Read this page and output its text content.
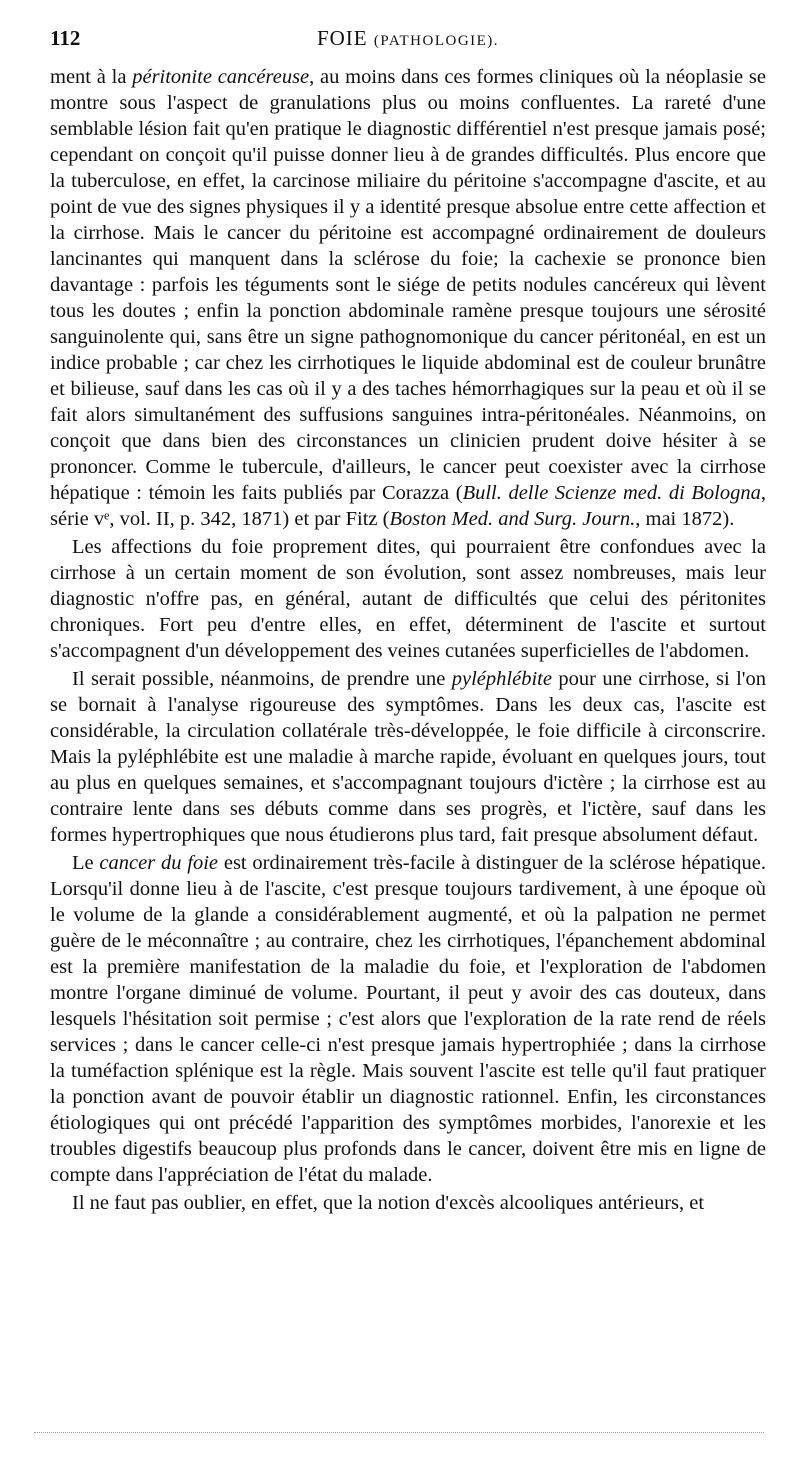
112	FOIE (PATHOLOGIE).

ment à la péritonite cancéreuse, au moins dans ces formes cliniques où la néoplasie se montre sous l'aspect de granulations plus ou moins confluentes. La rareté d'une semblable lésion fait qu'en pratique le diagnostic différentiel n'est presque jamais posé; cependant on conçoit qu'il puisse donner lieu à de grandes difficultés. Plus encore que la tuberculose, en effet, la carcinose miliaire du péritoine s'accompagne d'ascite, et au point de vue des signes physiques il y a identité presque absolue entre cette affection et la cirrhose. Mais le cancer du péritoine est accompagné ordinairement de douleurs lancinantes qui manquent dans la sclérose du foie; la cachexie se prononce bien davantage : parfois les téguments sont le siége de petits nodules cancéreux qui lèvent tous les doutes ; enfin la ponction abdominale ramène presque toujours une sérosité sanguinolente qui, sans être un signe pathognomonique du cancer péritonéal, en est un indice probable ; car chez les cirrhotiques le liquide abdominal est de couleur brunâtre et bilieuse, sauf dans les cas où il y a des taches hémorrhagiques sur la peau et où il se fait alors simultanément des suffusions sanguines intra-péritonéales. Néanmoins, on conçoit que dans bien des circonstances un clinicien prudent doive hésiter à se prononcer. Comme le tubercule, d'ailleurs, le cancer peut coexister avec la cirrhose hépatique : témoin les faits publiés par Corazza (Bull. delle Scienze med. di Bologna, série vᵉ, vol. II, p. 342, 1871) et par Fitz (Boston Med. and Surg. Journ., mai 1872).

Les affections du foie proprement dites, qui pourraient être confondues avec la cirrhose à un certain moment de son évolution, sont assez nombreuses, mais leur diagnostic n'offre pas, en général, autant de difficultés que celui des péritonites chroniques. Fort peu d'entre elles, en effet, déterminent de l'ascite et surtout s'accompagnent d'un développement des veines cutanées superficielles de l'abdomen.

Il serait possible, néanmoins, de prendre une pyléphlébite pour une cirrhose, si l'on se bornait à l'analyse rigoureuse des symptômes. Dans les deux cas, l'ascite est considérable, la circulation collatérale très-développée, le foie difficile à circonscrire. Mais la pyléphlébite est une maladie à marche rapide, évoluant en quelques jours, tout au plus en quelques semaines, et s'accompagnant toujours d'ictère ; la cirrhose est au contraire lente dans ses débuts comme dans ses progrès, et l'ictère, sauf dans les formes hypertrophiques que nous étudierons plus tard, fait presque absolument défaut.

Le cancer du foie est ordinairement très-facile à distinguer de la sclérose hépatique. Lorsqu'il donne lieu à de l'ascite, c'est presque toujours tardivement, à une époque où le volume de la glande a considérablement augmenté, et où la palpation ne permet guère de le méconnaître ; au contraire, chez les cirrhotiques, l'épanchement abdominal est la première manifestation de la maladie du foie, et l'exploration de l'abdomen montre l'organe diminué de volume. Pourtant, il peut y avoir des cas douteux, dans lesquels l'hésitation soit permise ; c'est alors que l'exploration de la rate rend de réels services ; dans le cancer celle-ci n'est presque jamais hypertrophiée ; dans la cirrhose la tuméfaction splénique est la règle. Mais souvent l'ascite est telle qu'il faut pratiquer la ponction avant de pouvoir établir un diagnostic rationnel. Enfin, les circonstances étiologiques qui ont précédé l'apparition des symptômes morbides, l'anorexie et les troubles digestifs beaucoup plus profonds dans le cancer, doivent être mis en ligne de compte dans l'appréciation de l'état du malade.

Il ne faut pas oublier, en effet, que la notion d'excès alcooliques antérieurs, et
